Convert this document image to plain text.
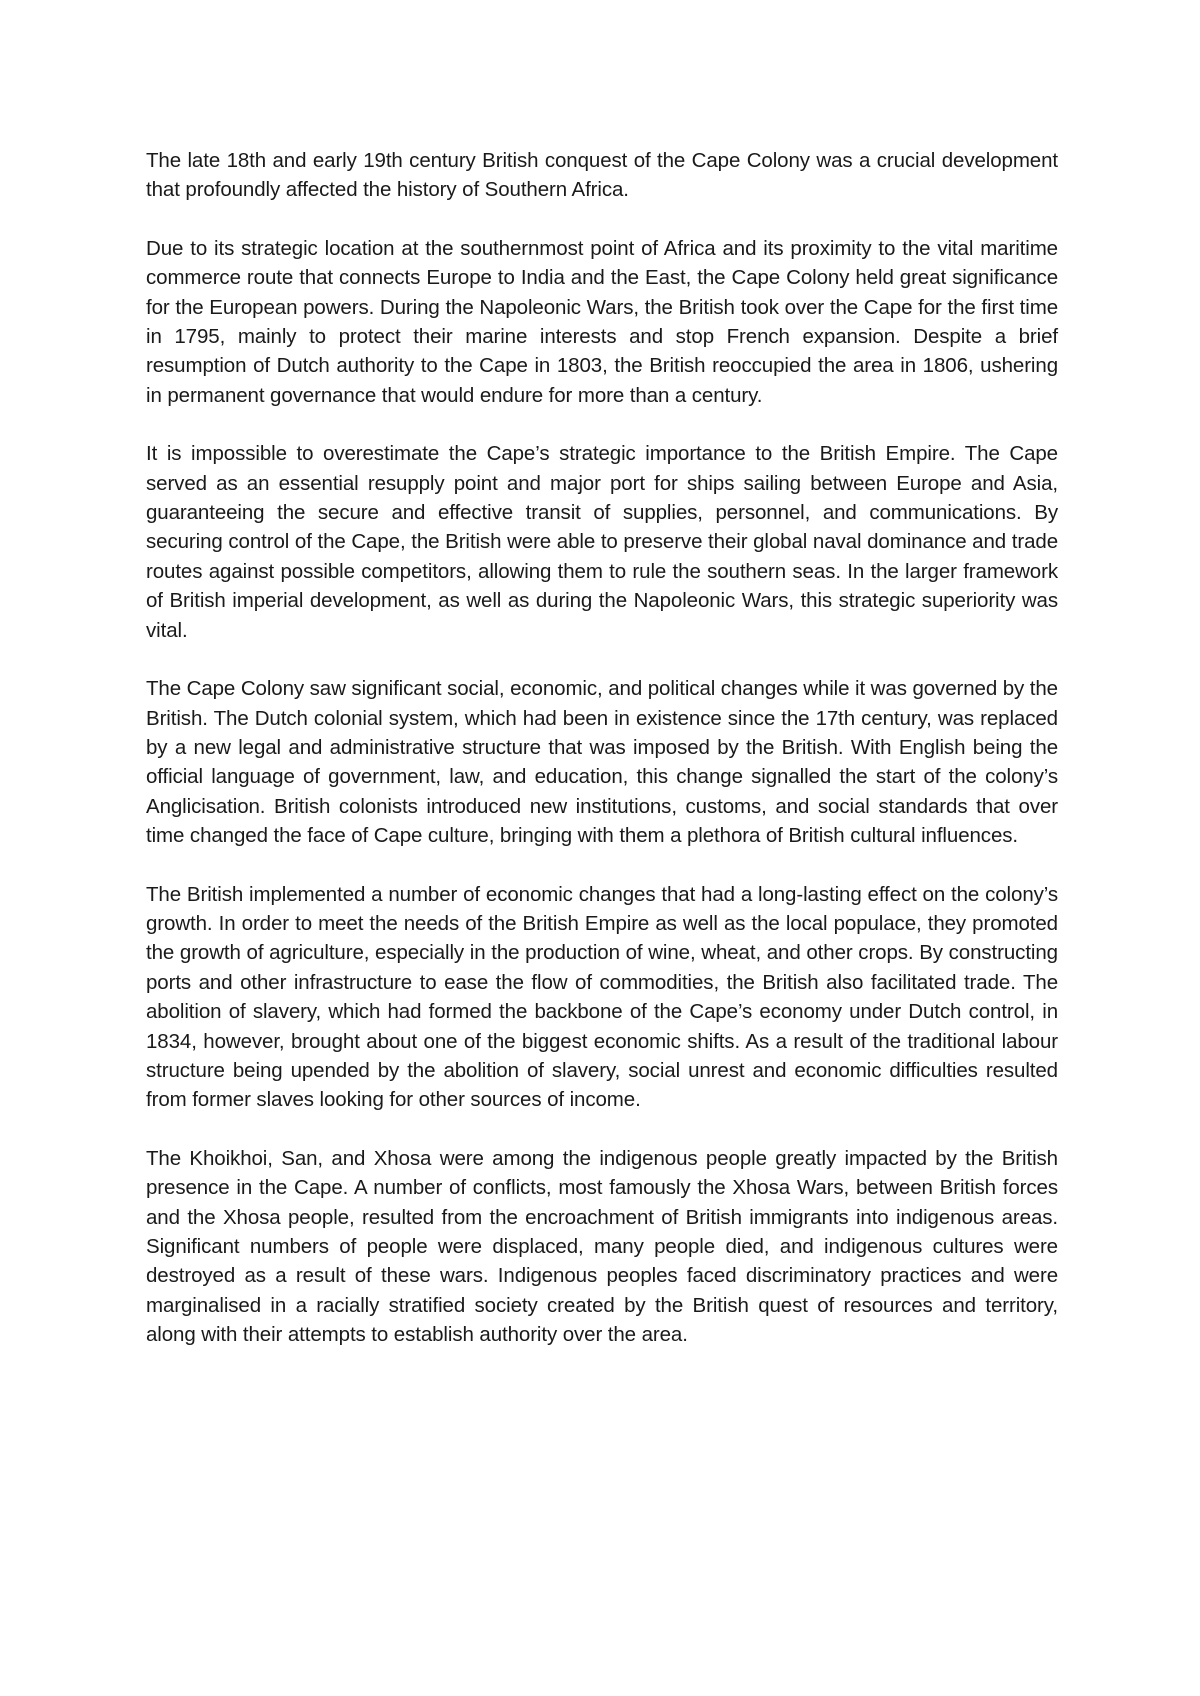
The late 18th and early 19th century British conquest of the Cape Colony was a crucial development that profoundly affected the history of Southern Africa.

Due to its strategic location at the southernmost point of Africa and its proximity to the vital maritime commerce route that connects Europe to India and the East, the Cape Colony held great significance for the European powers. During the Napoleonic Wars, the British took over the Cape for the first time in 1795, mainly to protect their marine interests and stop French expansion. Despite a brief resumption of Dutch authority to the Cape in 1803, the British reoccupied the area in 1806, ushering in permanent governance that would endure for more than a century.

It is impossible to overestimate the Cape’s strategic importance to the British Empire. The Cape served as an essential resupply point and major port for ships sailing between Europe and Asia, guaranteeing the secure and effective transit of supplies, personnel, and communications. By securing control of the Cape, the British were able to preserve their global naval dominance and trade routes against possible competitors, allowing them to rule the southern seas. In the larger framework of British imperial development, as well as during the Napoleonic Wars, this strategic superiority was vital.

The Cape Colony saw significant social, economic, and political changes while it was governed by the British. The Dutch colonial system, which had been in existence since the 17th century, was replaced by a new legal and administrative structure that was imposed by the British. With English being the official language of government, law, and education, this change signalled the start of the colony’s Anglicisation. British colonists introduced new institutions, customs, and social standards that over time changed the face of Cape culture, bringing with them a plethora of British cultural influences.

The British implemented a number of economic changes that had a long-lasting effect on the colony’s growth. In order to meet the needs of the British Empire as well as the local populace, they promoted the growth of agriculture, especially in the production of wine, wheat, and other crops. By constructing ports and other infrastructure to ease the flow of commodities, the British also facilitated trade. The abolition of slavery, which had formed the backbone of the Cape’s economy under Dutch control, in 1834, however, brought about one of the biggest economic shifts. As a result of the traditional labour structure being upended by the abolition of slavery, social unrest and economic difficulties resulted from former slaves looking for other sources of income.

The Khoikhoi, San, and Xhosa were among the indigenous people greatly impacted by the British presence in the Cape. A number of conflicts, most famously the Xhosa Wars, between British forces and the Xhosa people, resulted from the encroachment of British immigrants into indigenous areas. Significant numbers of people were displaced, many people died, and indigenous cultures were destroyed as a result of these wars. Indigenous peoples faced discriminatory practices and were marginalised in a racially stratified society created by the British quest of resources and territory, along with their attempts to establish authority over the area.
